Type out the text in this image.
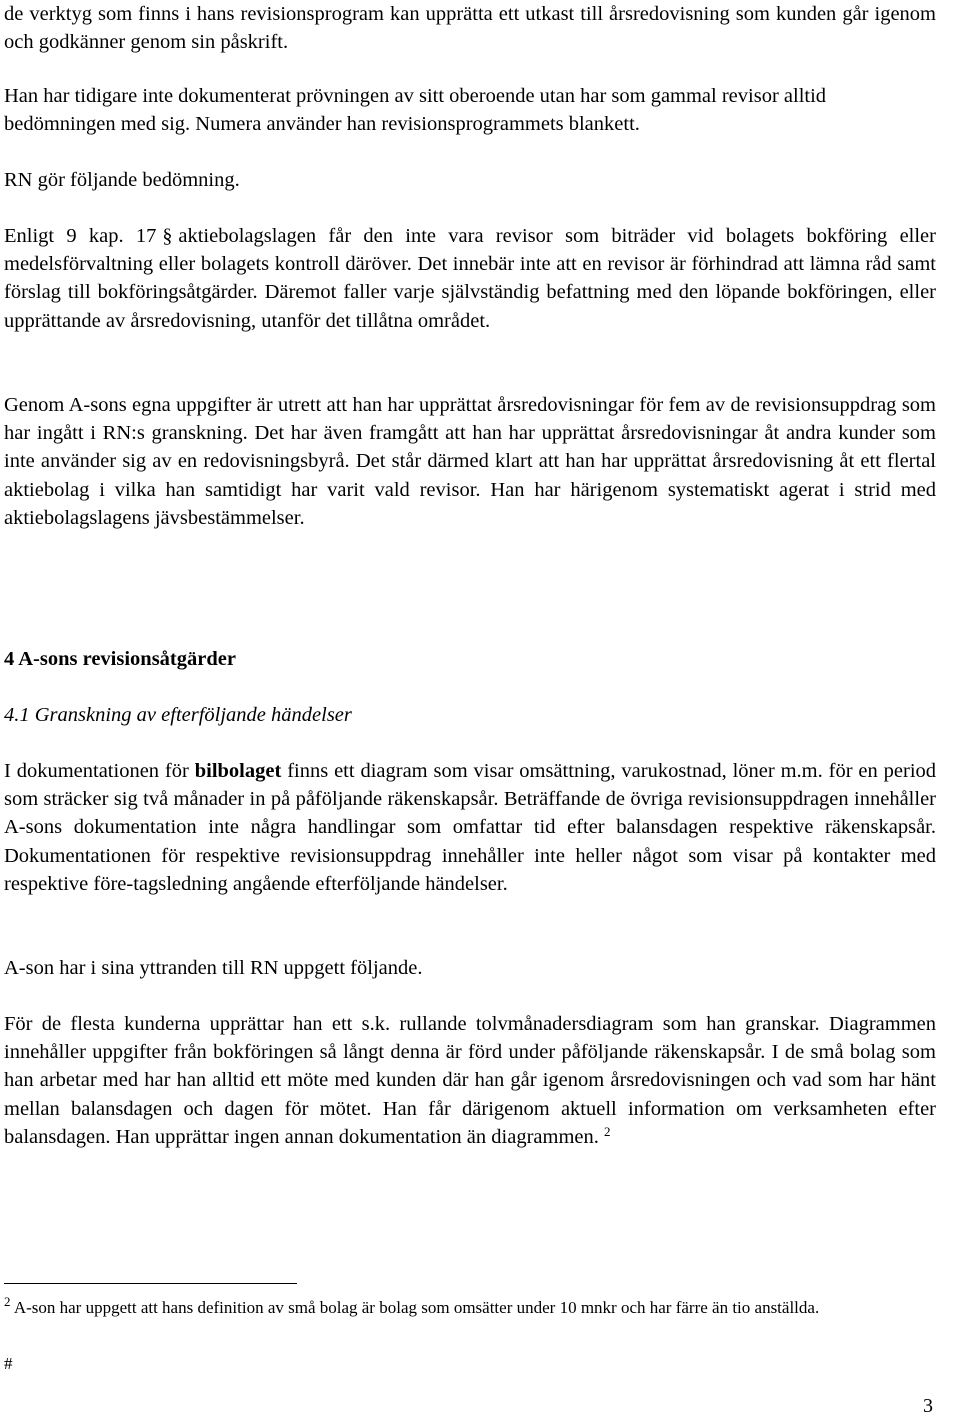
de verktyg som finns i hans revisionsprogram kan upprätta ett utkast till årsredovisning som kunden går igenom och godkänner genom sin påskrift.

Han har tidigare inte dokumenterat prövningen av sitt oberoende utan har som gammal revisor alltid bedömningen med sig. Numera använder han revisionsprogrammets blankett.

RN gör följande bedömning.

Enligt 9 kap. 17 § aktiebolagslagen får den inte vara revisor som biträder vid bolagets bokföring eller medelsförvaltning eller bolagets kontroll däröver. Det innebär inte att en revisor är förhindrad att lämna råd samt förslag till bokföringsåtgärder. Däremot faller varje självständig befattning med den löpande bokföringen, eller upprättande av årsredovisning, utanför det tillåtna området.

Genom A-sons egna uppgifter är utrett att han har upprättat årsredovisningar för fem av de revisionsuppdrag som har ingått i RN:s granskning. Det har även framgått att han har upprättat årsredovisningar åt andra kunder som inte använder sig av en redovisningsbyrå. Det står därmed klart att han har upprättat årsredovisning åt ett flertal aktiebolag i vilka han samtidigt har varit vald revisor. Han har härigenom systematiskt agerat i strid med aktiebolagslagens jävsbestämmelser.

4 A-sons revisionsåtgärder
4.1 Granskning av efterföljande händelser

I dokumentationen för bilbolaget finns ett diagram som visar omsättning, varukostnad, löner m.m. för en period som sträcker sig två månader in på påföljande räkenskapsår. Beträffande de övriga revisionsuppdragen innehåller A-sons dokumentation inte några handlingar som omfattar tid efter balansdagen respektive räkenskapsår. Dokumentationen för respektive revisionsuppdrag innehåller inte heller något som visar på kontakter med respektive före-tagsledning angående efterföljande händelser.

A-son har i sina yttranden till RN uppgett följande.

För de flesta kunderna upprättar han ett s.k. rullande tolvmånadersdiagram som han granskar. Diagrammen innehåller uppgifter från bokföringen så långt denna är förd under påföljande räkenskapsår. I de små bolag som han arbetar med har han alltid ett möte med kunden där han går igenom årsredovisningen och vad som har hänt mellan balansdagen och dagen för mötet. Han får därigenom aktuell information om verksamheten efter balansdagen. Han upprättar ingen annan dokumentation än diagrammen. $^2$

$^2$ A-son har uppgett att hans definition av små bolag är bolag som omsätter under 10 mnkr och har färre än tio anställda.
#
3
